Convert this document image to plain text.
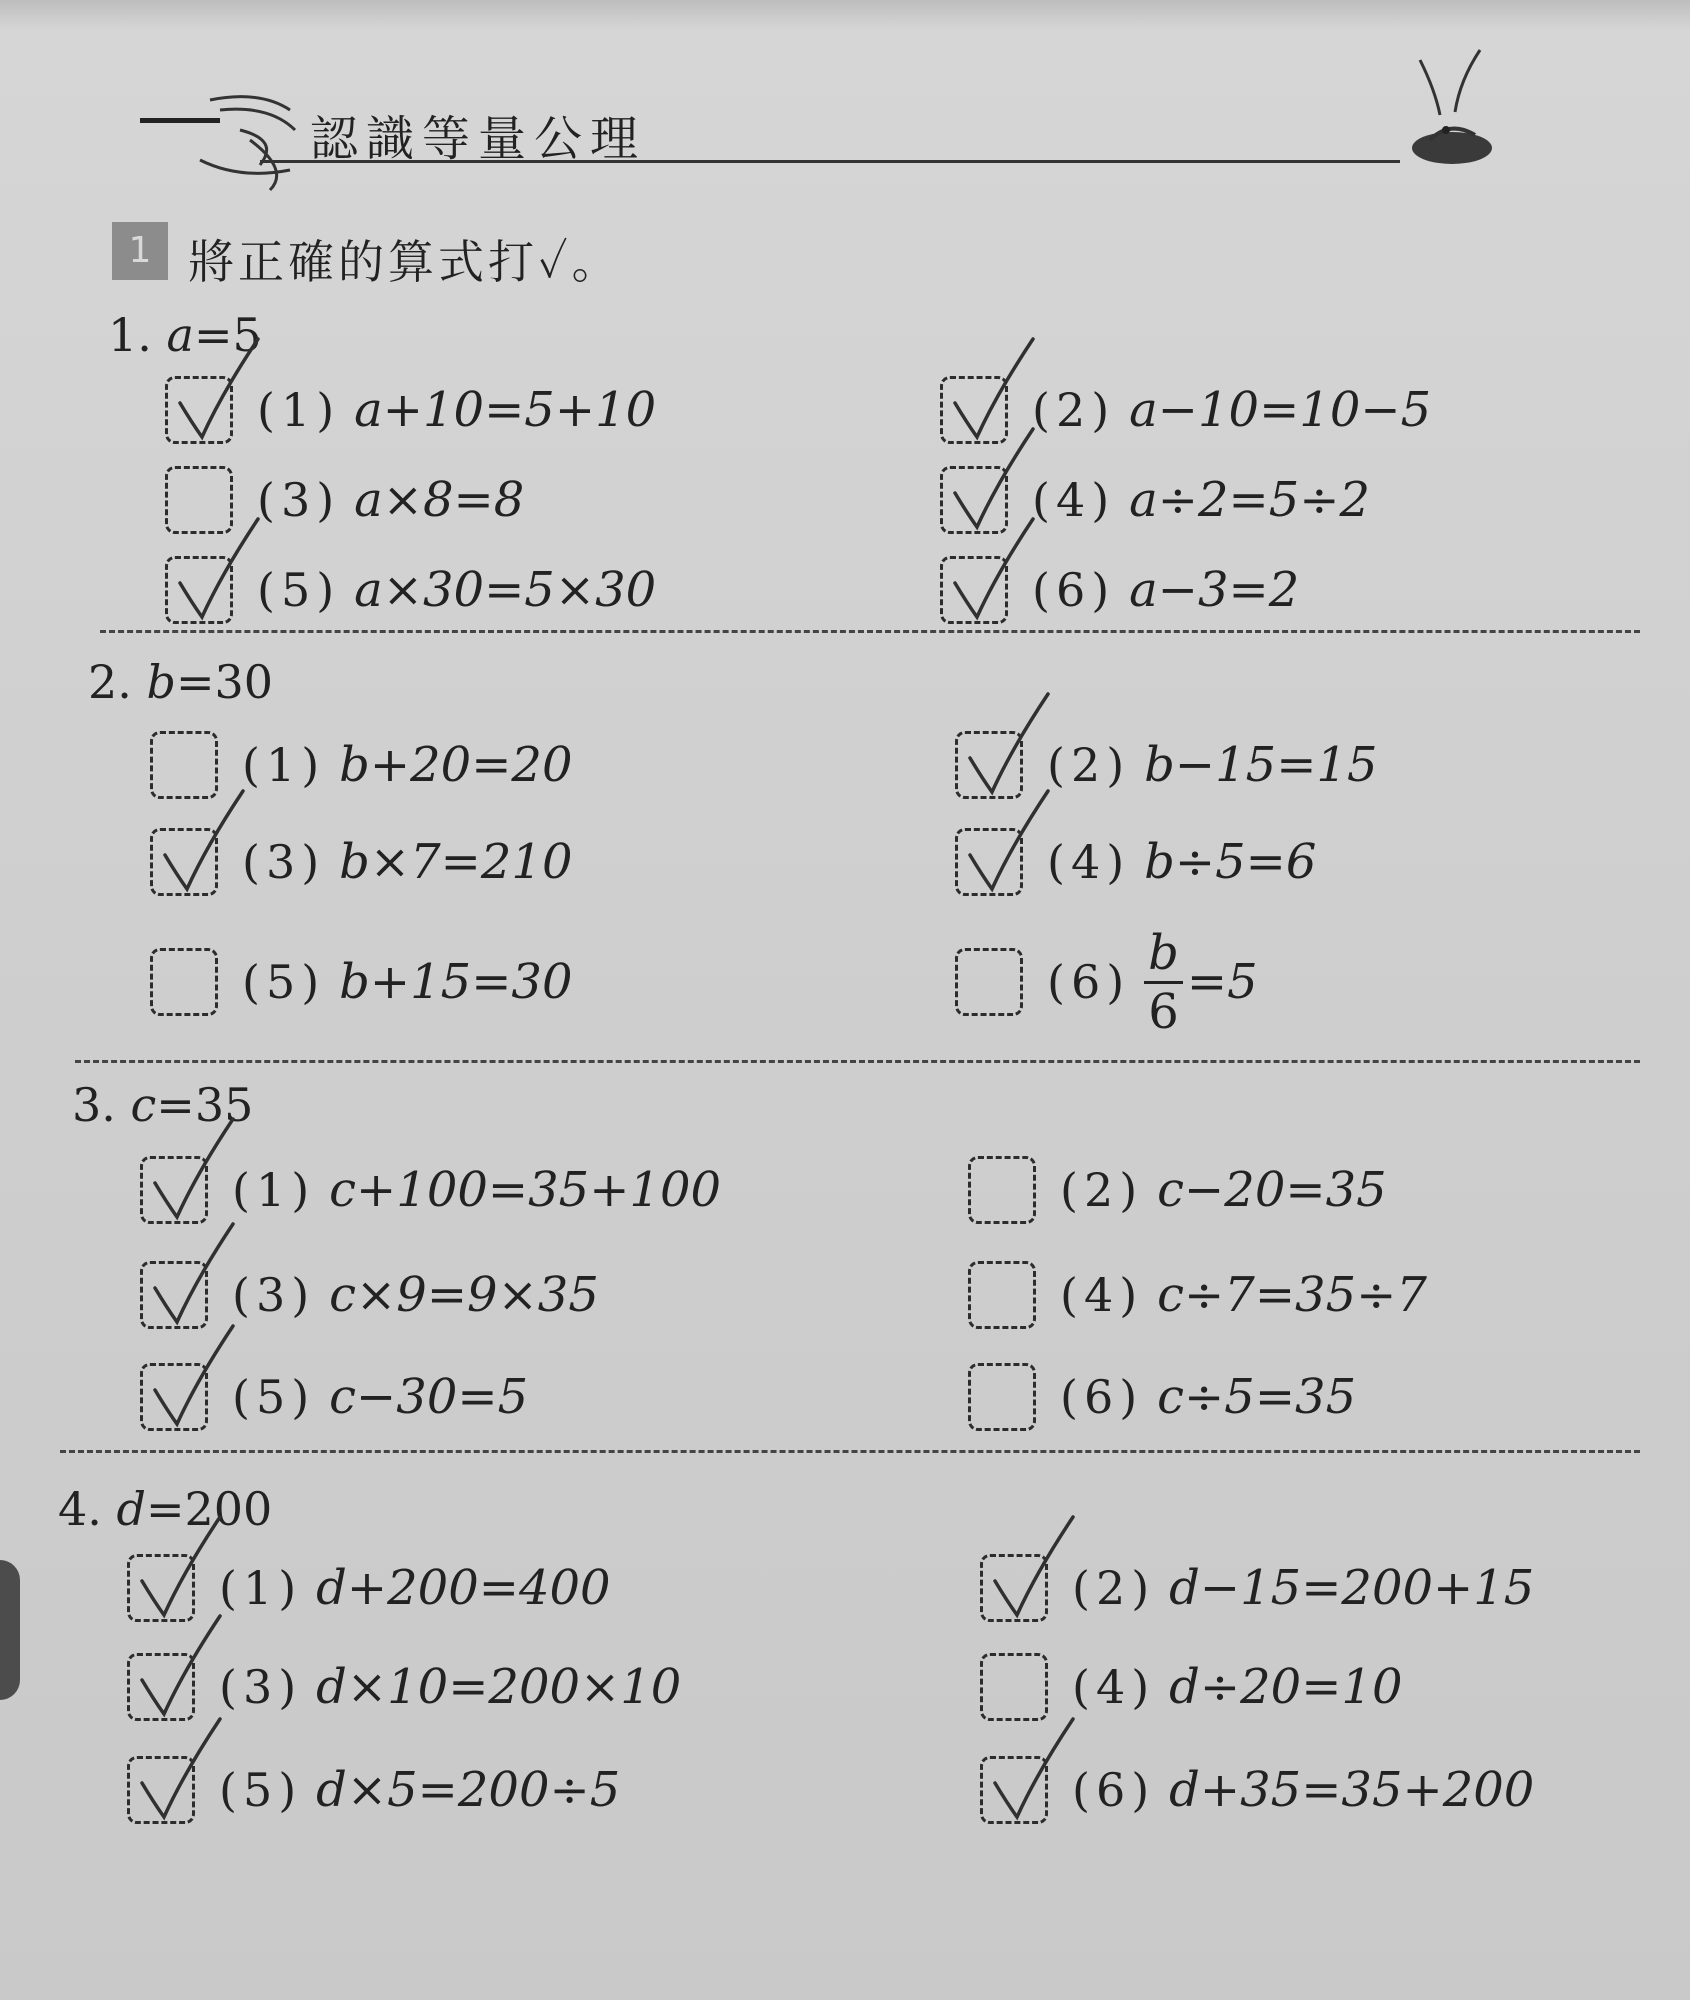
認識等量公理
1 將正確的算式打✓。
1. a=5
(1) a+10=5+10	(2) a−10=10−5
(3) a×8=8	(4) a÷2=5÷2
(5) a×30=5×30	(6) a−3=2
2. b=30
(1) b+20=20	(2) b−15=15
(3) b×7=210	(4) b÷5=6
(5) b+15=30	$(6) \frac{b}{6} =5$
3. c=35
(1) c+100=35+100	(2) c−20=35
(3) c×9=9×35	(4) c÷7=35÷7
(5) c−30=5	(6) c÷5=35
4. d=200
(1) d+200=400	(2) d−15=200+15
(3) d×10=200×10	(4) d÷20=10
(5) d×5=200÷5	(6) d+35=35+200
